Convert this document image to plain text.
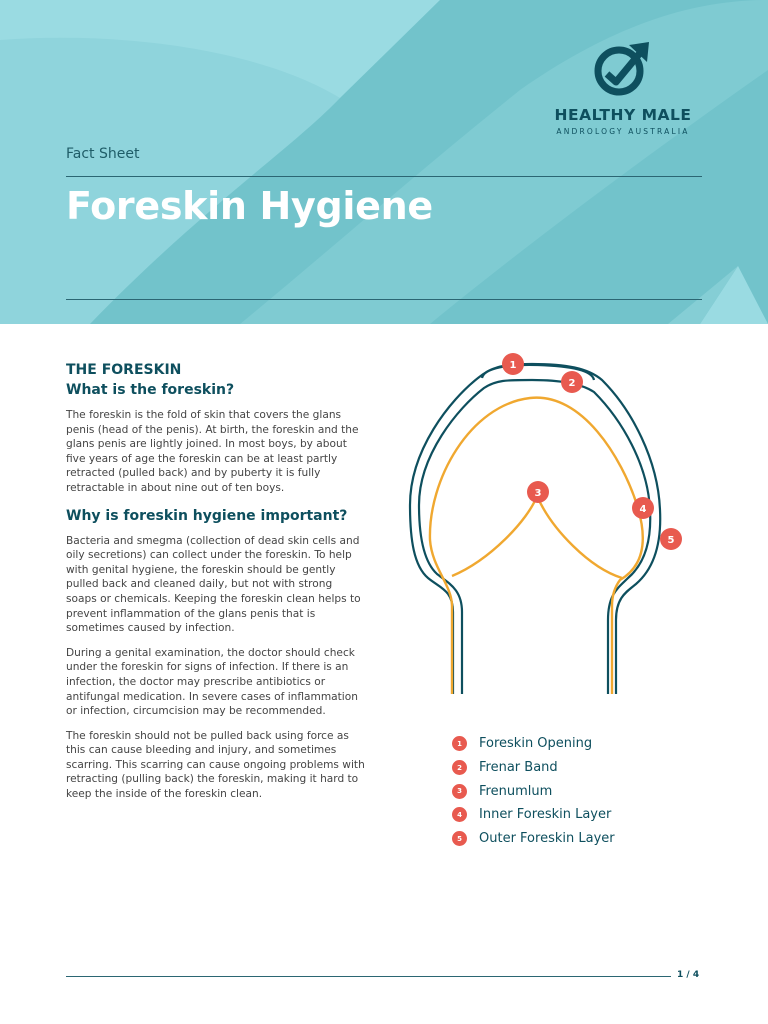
HEALTHY MALE
ANDROLOGY AUSTRALIA
Fact Sheet
Foreskin Hygiene
THE FORESKIN
What is the foreskin?

The foreskin is the fold of skin that covers the glans penis (head of the penis). At birth, the foreskin and the glans penis are lightly joined. In most boys, by about five years of age the foreskin can be at least partly retracted (pulled back) and by puberty it is fully retractable in about nine out of ten boys.

Why is foreskin hygiene important?

Bacteria and smegma (collection of dead skin cells and oily secretions) can collect under the foreskin. To help with genital hygiene, the foreskin should be gently pulled back and cleaned daily, but not with strong soaps or chemicals. Keeping the foreskin clean helps to prevent inflammation of the glans penis that is sometimes caused by infection.

During a genital examination, the doctor should check under the foreskin for signs of infection. If there is an infection, the doctor may prescribe antibiotics or antifungal medication. In severe cases of inflammation or infection, circumcision may be recommended.

The foreskin should not be pulled back using force as this can cause bleeding and injury, and sometimes scarring. This scarring can cause ongoing problems with retracting (pulling back) the foreskin, making it hard to keep the inside of the foreskin clean.

1
2
3
4
5
1	Foreskin Opening
2	Frenar Band
3	Frenumlum
4	Inner Foreskin Layer
5	Outer Foreskin Layer
1 / 4
